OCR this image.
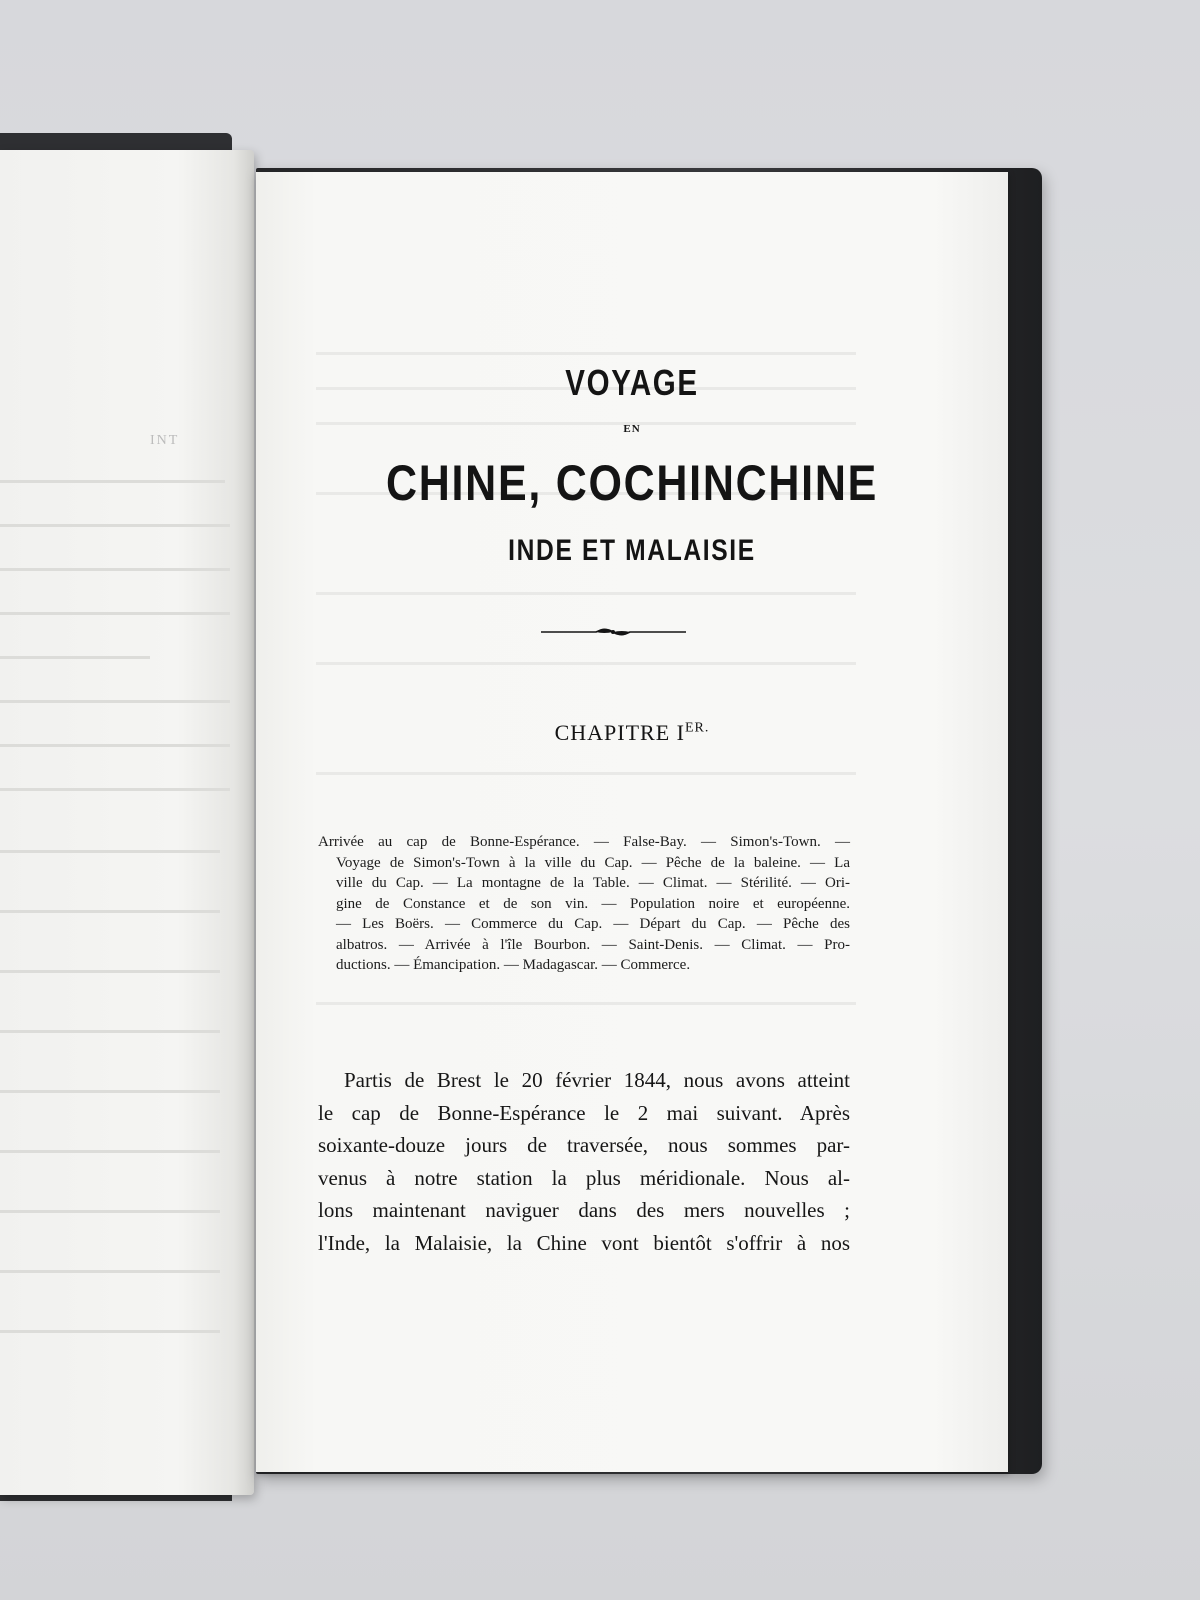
INT
VOYAGE
EN
CHINE, COCHINCHINE
INDE ET MALAISIE
CHAPITRE $I^{ER.}$
Arrivée au cap de Bonne-Espérance. — False-Bay. — Simon's-Town. —
Voyage de Simon's-Town à la ville du Cap. — Pêche de la baleine. — La
ville du Cap. — La montagne de la Table. — Climat. — Stérilité. — Ori-
gine de Constance et de son vin. — Population noire et européenne.
— Les Boërs. — Commerce du Cap. — Départ du Cap. — Pêche des
albatros. — Arrivée à l'île Bourbon. — Saint-Denis. — Climat. — Pro-
ductions. — Émancipation. — Madagascar. — Commerce.
Partis de Brest le 20 février 1844, nous avons atteint
le cap de Bonne-Espérance le 2 mai suivant. Après
soixante-douze jours de traversée, nous sommes par-
venus à notre station la plus méridionale. Nous al-
lons maintenant naviguer dans des mers nouvelles ;
l'Inde, la Malaisie, la Chine vont bientôt s'offrir à nos
